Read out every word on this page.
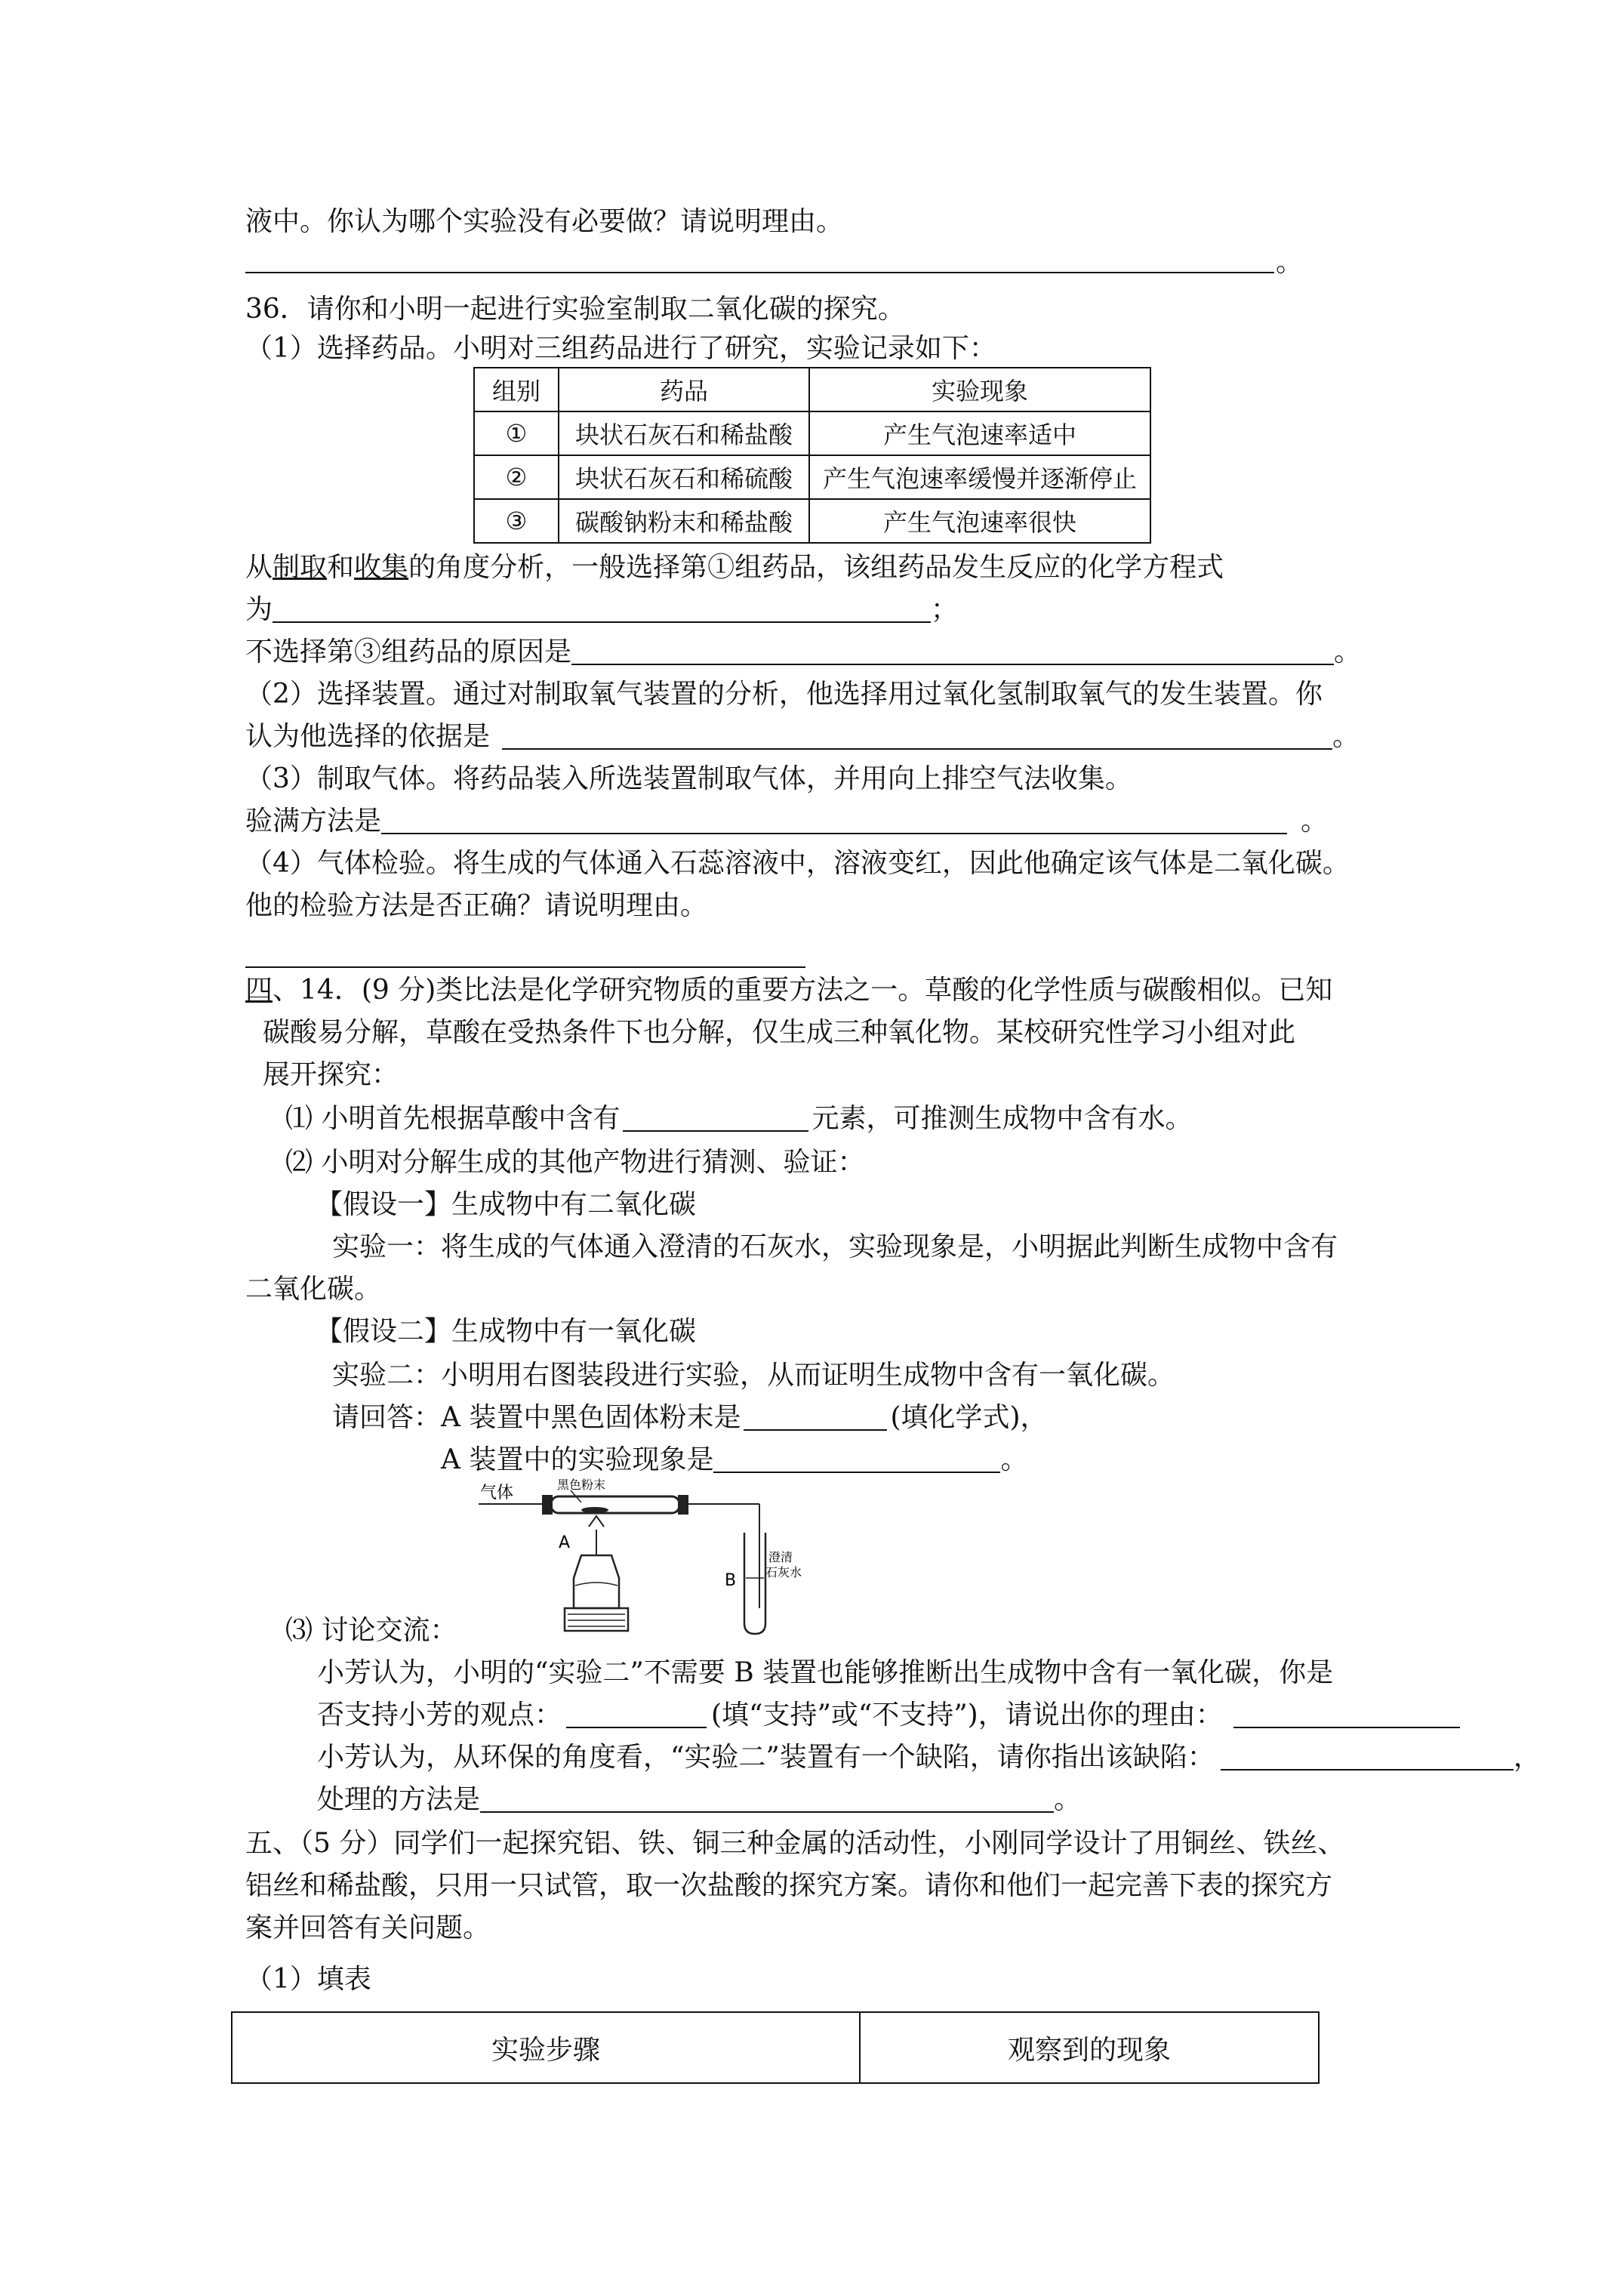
液中。你认为哪个实验没有必要做？请说明理由。
。
36．请你和小明一起进行实验室制取二氧化碳的探究。
（1）选择药品。小明对三组药品进行了研究，实验记录如下：
组别	药品	实验现象
①	块状石灰石和稀盐酸	产生气泡速率适中
②	块状石灰石和稀硫酸	产生气泡速率缓慢并逐渐停止
③	碳酸钠粉末和稀盐酸	产生气泡速率很快
从制取和收集的角度分析，一般选择第①组药品，该组药品发生反应的化学方程式
为	；
不选择第③组药品的原因是	。
（2）选择装置。通过对制取氧气装置的分析，他选择用过氧化氢制取氧气的发生装置。你
认为他选择的依据是	。
（3）制取气体。将药品装入所选装置制取气体，并用向上排空气法收集。
验满方法是	。
（4）气体检验。将生成的气体通入石蕊溶液中，溶液变红，因此他确定该气体是二氧化碳。
他的检验方法是否正确？请说明理由。
四、14．(9 分)类比法是化学研究物质的重要方法之一。草酸的化学性质与碳酸相似。已知
碳酸易分解，草酸在受热条件下也分解，仅生成三种氧化物。某校研究性学习小组对此
展开探究：
⑴ 小明首先根据草酸中含有	元素，可推测生成物中含有水。
⑵ 小明对分解生成的其他产物进行猜测、验证：
【假设一】生成物中有二氧化碳
实验一：将生成的气体通入澄清的石灰水，实验现象是，小明据此判断生成物中含有
二氧化碳。
【假设二】生成物中有一氧化碳
实验二：小明用右图装段进行实验，从而证明生成物中含有一氧化碳。
请回答：A 装置中黑色固体粉末是	(填化学式)，
A 装置中的实验现象是	。
气体	黑色粉末
A
B
澄清
石灰水
⑶ 讨论交流：
小芳认为，小明的“实验二”不需要 B 装置也能够推断出生成物中含有一氧化碳，你是
否支持小芳的观点：	(填“支持”或“不支持”)，请说出你的理由：
小芳认为，从环保的角度看，“实验二”装置有一个缺陷，请你指出该缺陷：	，
处理的方法是	。
五、（5 分）同学们一起探究铝、铁、铜三种金属的活动性，小刚同学设计了用铜丝、铁丝、
铝丝和稀盐酸，只用一只试管，取一次盐酸的探究方案。请你和他们一起完善下表的探究方
案并回答有关问题。
（1）填表
实验步骤	观察到的现象
